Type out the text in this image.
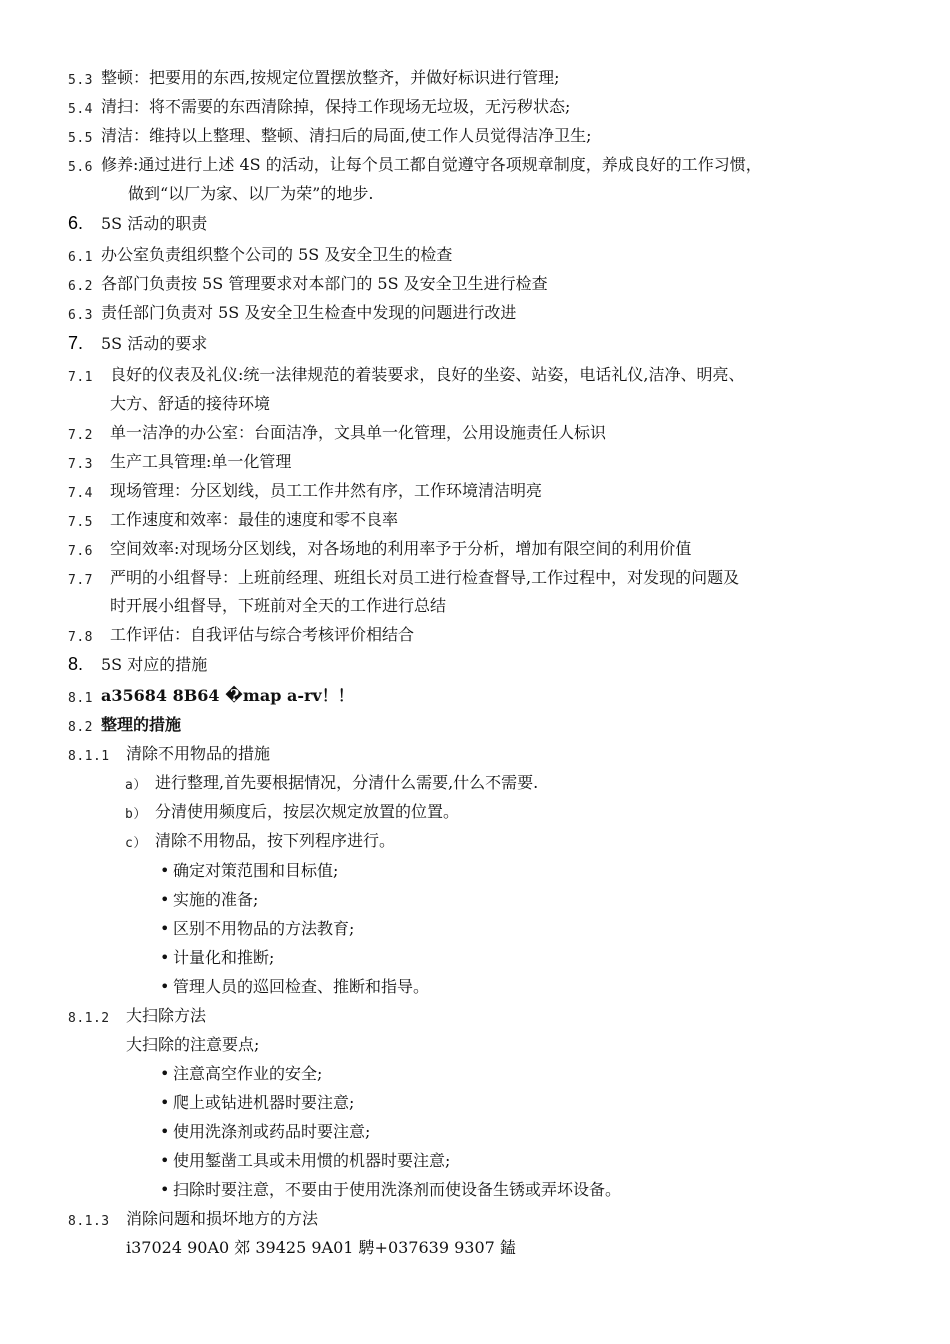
5.3 整顿：把要用的东西,按规定位置摆放整齐，并做好标识进行管理;
5.4 清扫：将不需要的东西清除掉，保持工作现场无垃圾，无污秽状态;
5.5 清洁：维持以上整理、整顿、清扫后的局面,使工作人员觉得洁净卫生;
5.6 修养:通过进行上述 4S 的活动，让每个员工都自觉遵守各项规章制度，养成良好的工作习惯，
做到“以厂为家、以厂为荣”的地步.
6. 5S 活动的职责
6.1 办公室负责组织整个公司的 5S 及安全卫生的检查
6.2 各部门负责按 5S 管理要求对本部门的 5S 及安全卫生进行检查
6.3 责任部门负责对 5S 及安全卫生检查中发现的问题进行改进
7. 5S 活动的要求
7.1 良好的仪表及礼仪:统一法律规范的着装要求，良好的坐姿、站姿，电话礼仪,洁净、明亮、
大方、舒适的接待环境
7.2 单一洁净的办公室：台面洁净，文具单一化管理，公用设施责任人标识
7.3 生产工具管理:单一化管理
7.4 现场管理：分区划线，员工工作井然有序，工作环境清洁明亮
7.5 工作速度和效率：最佳的速度和零不良率
7.6 空间效率:对现场分区划线，对各场地的利用率予于分析，增加有限空间的利用价值
7.7 严明的小组督导：上班前经理、班组长对员工进行检查督导,工作过程中，对发现的问题及
时开展小组督导，下班前对全天的工作进行总结
7.8 工作评估：自我评估与综合考核评价相结合
8. 5S 对应的措施
8.1 a35684 8B64 �map a-rv！！
8.2 整理的措施
8.1.1 清除不用物品的措施
a） 进行整理,首先要根据情况，分清什么需要,什么不需要.
b） 分清使用频度后，按层次规定放置的位置。
c） 清除不用物品，按下列程序进行。
• 确定对策范围和目标值;
• 实施的准备;
• 区别不用物品的方法教育;
• 计量化和推断;
• 管理人员的巡回检查、推断和指导。
8.1.2 大扫除方法
大扫除的注意要点;
• 注意高空作业的安全;
• 爬上或钻进机器时要注意;
• 使用洗涤剂或药品时要注意;
• 使用錾凿工具或未用惯的机器时要注意;
• 扫除时要注意，不要由于使用洗涤剂而使设备生锈或弄坏设备。
8.1.3 消除问题和损坏地方的方法
i37024 90A0 郊 39425 9A01 騁+037639 9307 鎑
